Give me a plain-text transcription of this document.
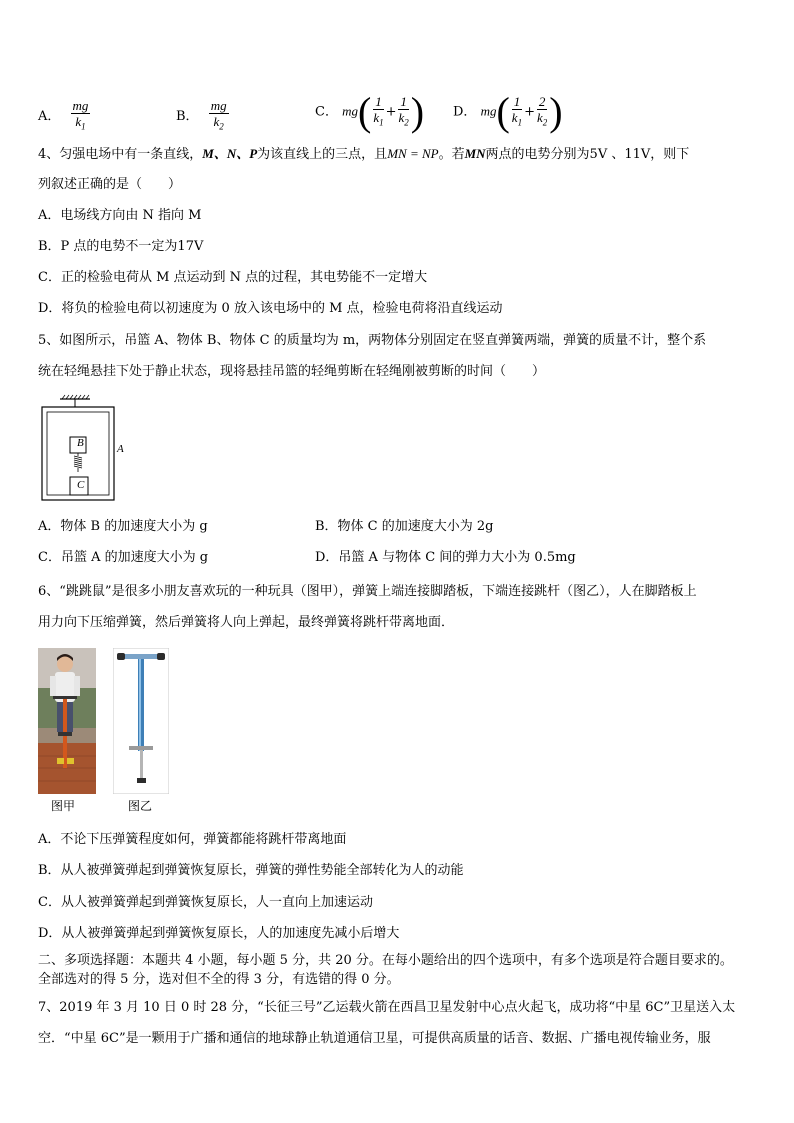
A． $\frac{mg}{k_1}$	B． $\frac{mg}{k_2}$	C． $mg( \frac{1}{k_1} + \frac{1}{k_2}$ ) D． $mg( \frac{1}{k_1} + \frac{2}{k_2}$ )
4、匀强电场中有一条直线，M、N、P为该直线上的三点，且MN = NP。若MN两点的电势分别为5V 、11V，则下
列叙述正确的是（　　）
A．电场线方向由 N 指向 M
B．P 点的电势不一定为17V
C．正的检验电荷从 M 点运动到 N 点的过程，其电势能不一定增大
D．将负的检验电荷以初速度为 0 放入该电场中的 M 点，检验电荷将沿直线运动
5、如图所示，吊篮 A、物体 B、物体 C 的质量均为 m，两物体分别固定在竖直弹簧两端，弹簧的质量不计，整个系
统在轻绳悬挂下处于静止状态，现将悬挂吊篮的轻绳剪断在轻绳刚被剪断的时间（　　）
B	A
C
A．物体 B 的加速度大小为 g	B．物体 C 的加速度大小为 2g
C．吊篮 A 的加速度大小为 g	D．吊篮 A 与物体 C 间的弹力大小为 0.5mg
6、“跳跳鼠”是很多小朋友喜欢玩的一种玩具（图甲），弹簧上端连接脚踏板，下端连接跳杆（图乙），人在脚踏板上
用力向下压缩弹簧，然后弹簧将人向上弹起，最终弹簧将跳杆带离地面．
图甲	图乙
A．不论下压弹簧程度如何，弹簧都能将跳杆带离地面
B．从人被弹簧弹起到弹簧恢复原长，弹簧的弹性势能全部转化为人的动能
C．从人被弹簧弹起到弹簧恢复原长，人一直向上加速运动
D．从人被弹簧弹起到弹簧恢复原长，人的加速度先减小后增大
二、多项选择题：本题共 4 小题，每小题 5 分，共 20 分。在每小题给出的四个选项中，有多个选项是符合题目要求的。
全部选对的得 5 分，选对但不全的得 3 分，有选错的得 0 分。
7、2019 年 3 月 10 日 0 时 28 分，“长征三号”乙运载火箭在西昌卫星发射中心点火起飞，成功将“中星 6C”卫星送入太
空．“中星 6C”是一颗用于广播和通信的地球静止轨道通信卫星，可提供高质量的话音、数据、广播电视传输业务，服
